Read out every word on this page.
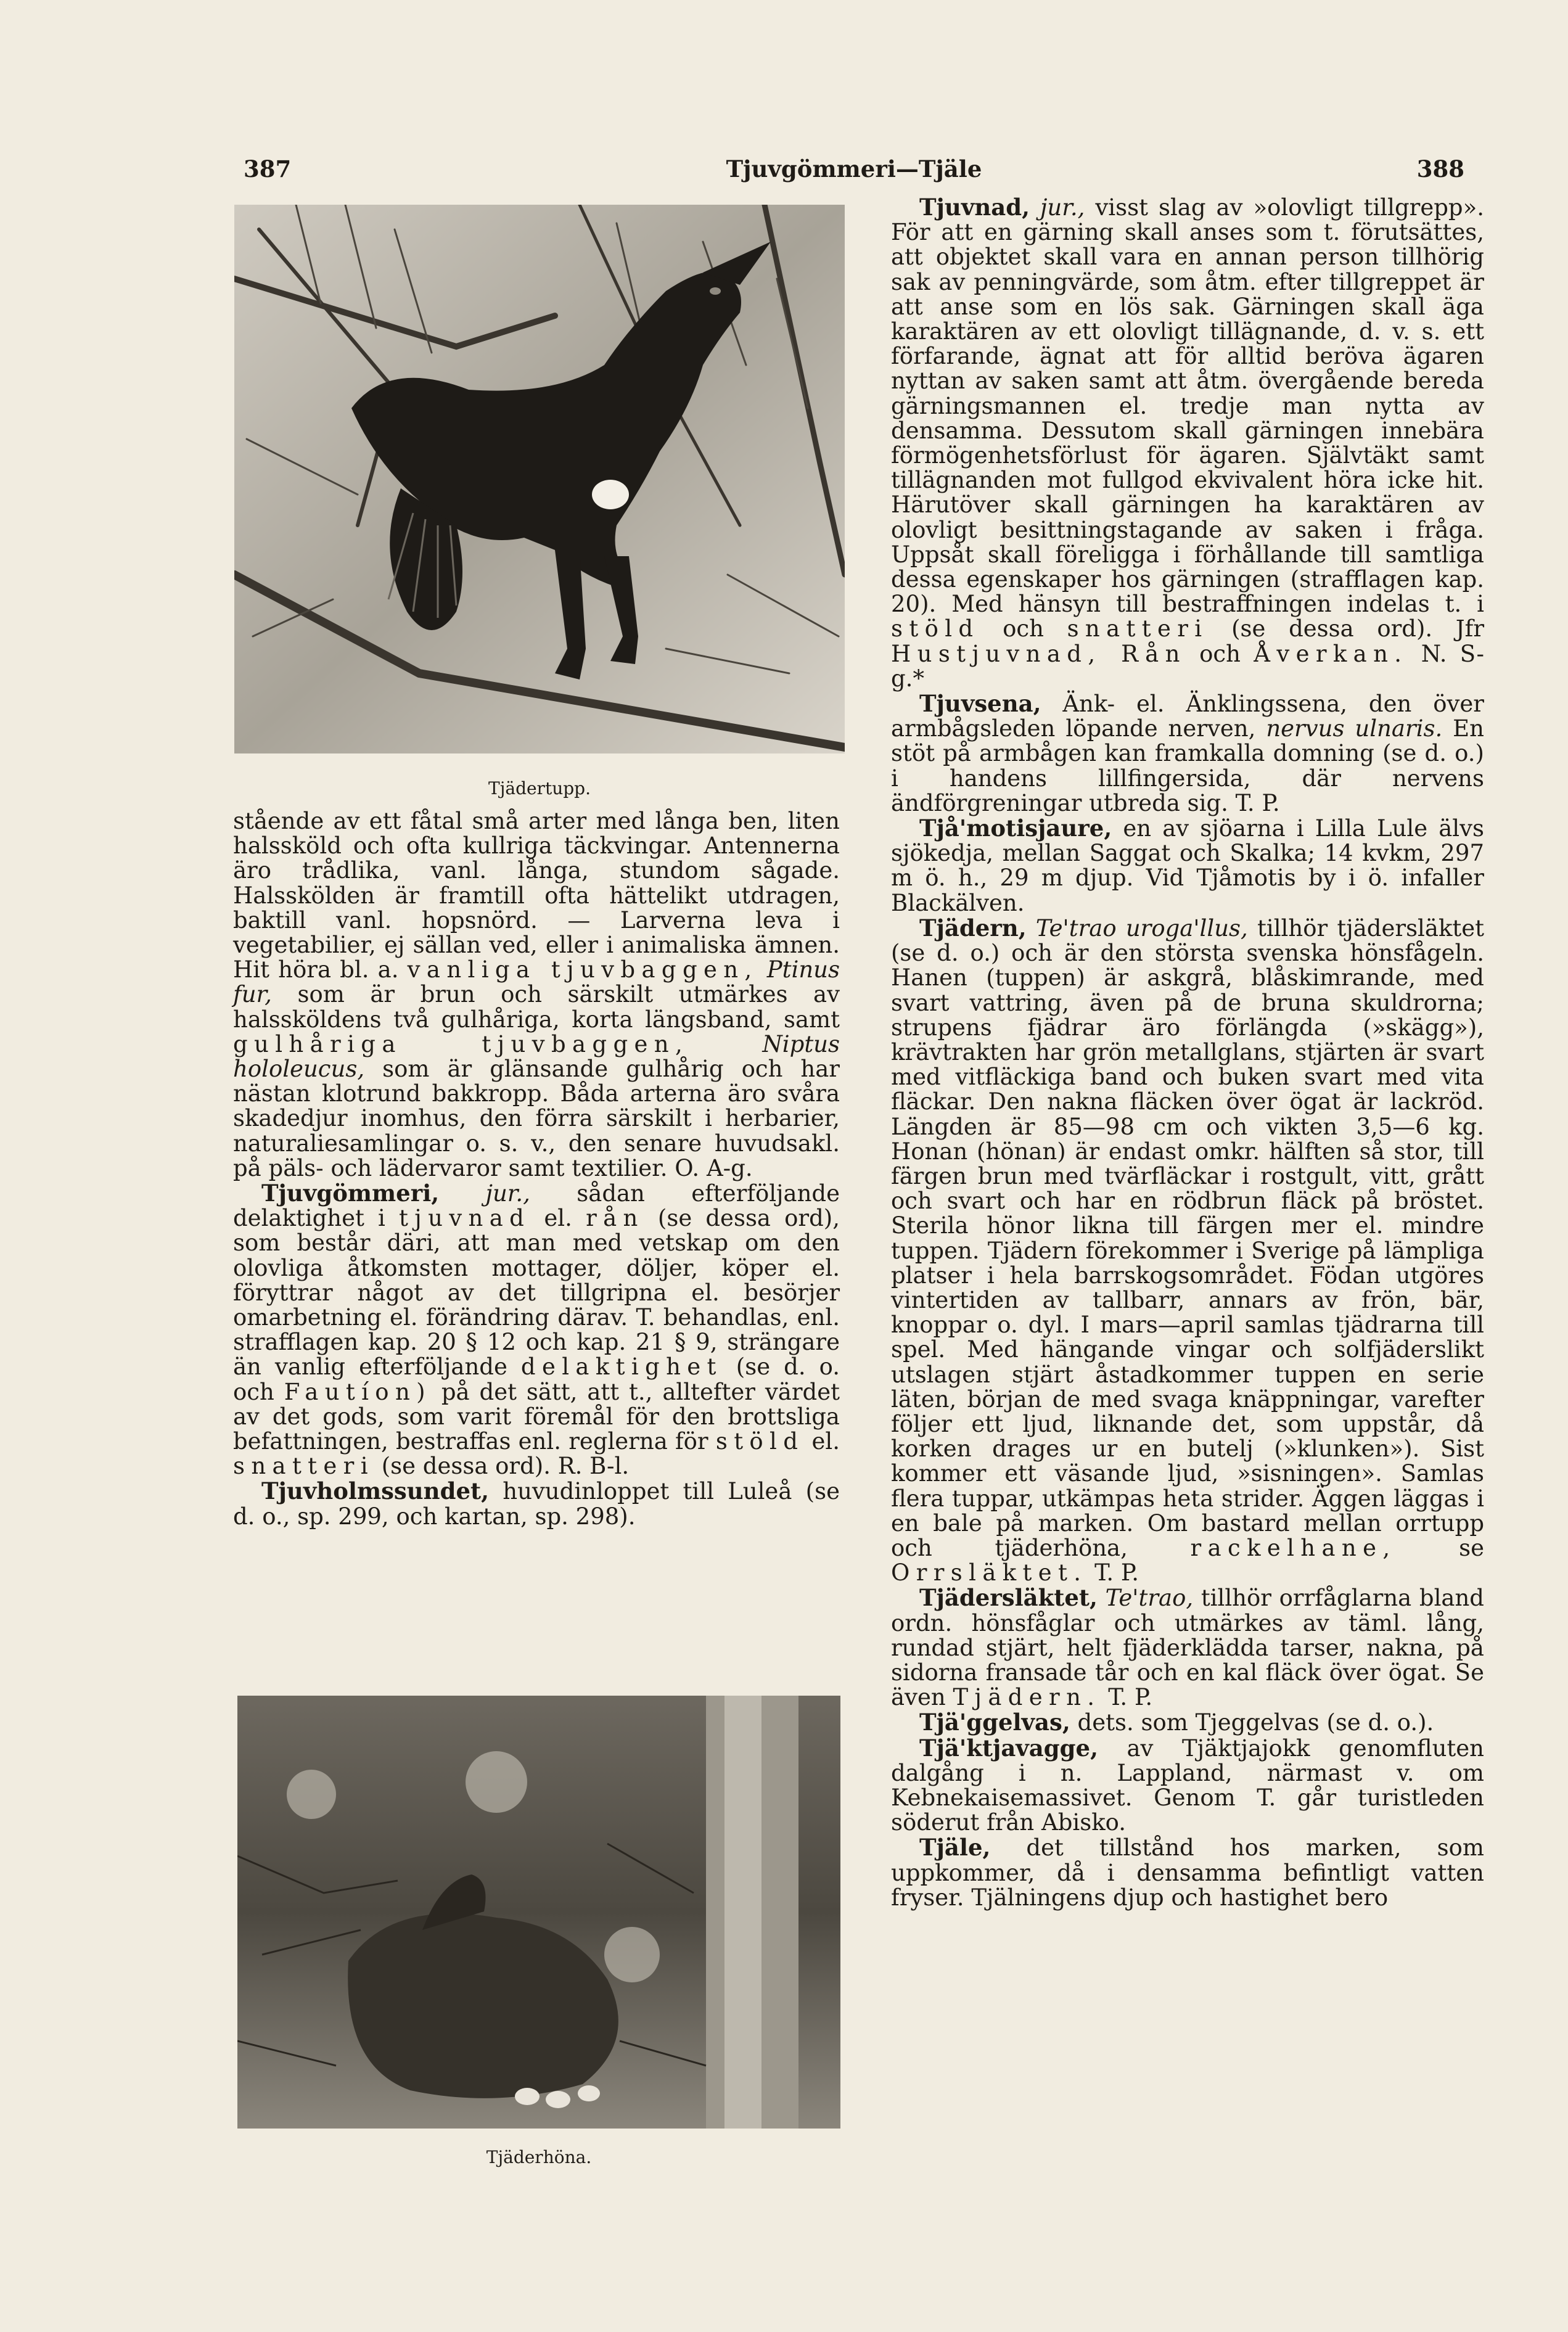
387	Tjuvgömmeri—Tjäle	388
Tjädertupp.
Tjäderhöna.

stående av ett fåtal små arter med långa ben, liten halssköld och ofta kullriga täckvingar. Antennerna äro trådlika, vanl. långa, stundom sågade. Halsskölden är framtill ofta hättelikt utdragen, baktill vanl. hopsnörd. — Larverna leva i vegetabilier, ej sällan ved, eller i animaliska ämnen. Hit höra bl. a. vanliga tjuvbaggen, Ptinus fur, som är brun och särskilt utmärkes av halssköldens två gulhåriga, korta längsband, samt gulhåriga tjuvbaggen,	Niptus hololeucus, som är glänsande gulhårig och har nästan klotrund bakkropp. Båda arterna äro svåra skadedjur inomhus, den förra särskilt i herbarier, naturaliesamlingar o. s. v., den senare huvudsakl. på päls- och lädervaror samt textilier. O. A-g.

Tjuvgömmeri, jur., sådan efterföljande delaktighet i tjuvnad el. rån (se dessa ord), som består däri, att man med vetskap om den olovliga åtkomsten mottager, döljer, köper el. föryttrar något av det tillgripna el. besörjer omarbetning el. förändring därav. T. behandlas, enl. strafflagen kap. 20 § 12 och kap. 21 § 9, strängare än vanlig efterföljande delaktighet (se d. o. och Fautíon) på det sätt, att t., alltefter värdet av det gods, som varit föremål för den brottsliga befattningen, bestraffas enl. reglerna för stöld el. snatteri (se dessa ord). R. B-l.

Tjuvholmssundet, huvudinloppet till Luleå (se d. o., sp. 299, och kartan, sp. 298).

Tjuvnad, jur., visst slag av »olovligt tillgrepp». För att en gärning skall anses som t. förutsättes, att objektet skall vara en annan person tillhörig sak av penningvärde, som åtm. efter tillgreppet är att anse som en lös sak. Gärningen skall äga karaktären av ett olovligt tillägnande, d. v. s. ett förfarande, ägnat att för alltid beröva ägaren nyttan av saken samt att åtm. övergående bereda gärningsmannen el. tredje man nytta av densamma. Dessutom skall gärningen innebära förmögenhetsförlust för ägaren. Självtäkt samt tillägnanden mot fullgod ekvivalent höra icke hit. Härutöver skall gärningen ha karaktären av olovligt besittningstagande av saken i fråga. Uppsåt skall föreligga i förhållande till samtliga dessa egenskaper hos gärningen (strafflagen kap. 20). Med hänsyn till bestraffningen indelas t. i stöld och snatteri (se dessa ord). Jfr Hustjuvnad, Rån och Åverkan. N. S-g.*

Tjuvsena, Änk- el. Änklingssena, den över armbågsleden löpande nerven, nervus ulnaris. En stöt på armbågen kan framkalla domning (se d. o.) i handens lillfingersida, där nervens ändförgreningar utbreda sig. T. P.

Tjå'motisjaure, en av sjöarna i Lilla Lule älvs sjökedja, mellan Saggat och Skalka; 14 kvkm, 297 m ö. h., 29 m djup. Vid Tjåmotis by i ö. infaller Blackälven.

Tjädern, Te'trao uroga'llus, tillhör tjädersläktet (se d. o.) och är den största svenska hönsfågeln. Hanen (tuppen) är askgrå, blåskimrande, med svart vattring, även på de bruna skuldrorna; strupens fjädrar äro förlängda (»skägg»), krävtrakten har grön metallglans, stjärten är svart med vitfläckiga band och buken svart med vita fläckar. Den nakna fläcken över ögat är lackröd. Längden är 85—98 cm och vikten 3,5—6 kg. Honan (hönan) är endast omkr. hälften så stor, till färgen brun med tvärfläckar i rostgult, vitt, grått och svart och har en rödbrun fläck på bröstet. Sterila hönor likna till färgen mer el. mindre tuppen. Tjädern förekommer i Sverige på lämpliga platser i hela barrskogsområdet. Födan utgöres vintertiden av tallbarr, annars av frön, bär, knoppar o. dyl. I mars—april samlas tjädrarna till spel. Med hängande vingar och solfjäderslikt utslagen stjärt åstadkommer tuppen en serie läten, början de med svaga knäppningar, varefter följer ett ljud, liknande det, som uppstår, då korken drages ur en butelj (»klunken»). Sist kommer ett väsande ljud, »sisningen». Samlas flera tuppar, utkämpas heta strider. Äggen läggas i en bale på marken. Om bastard mellan orrtupp och tjäderhöna,	rackelhane,	se Orrsläktet. T. P.

Tjädersläktet, Te'trao, tillhör orrfåglarna bland ordn. hönsfåglar och utmärkes av täml. lång, rundad stjärt, helt fjäderklädda tarser, nakna, på sidorna fransade tår och en kal fläck över ögat. Se även Tjädern. T. P.

Tjä'ggelvas, dets. som Tjeggelvas (se d. o.).

Tjä'ktjavagge, av Tjäktjajokk genomfluten dalgång i n. Lappland, närmast v. om Kebnekaisemassivet. Genom T. går turistleden söderut från Abisko.

Tjäle, det tillstånd hos marken, som uppkommer, då i densamma befintligt vatten fryser. Tjälningens djup och hastighet bero
